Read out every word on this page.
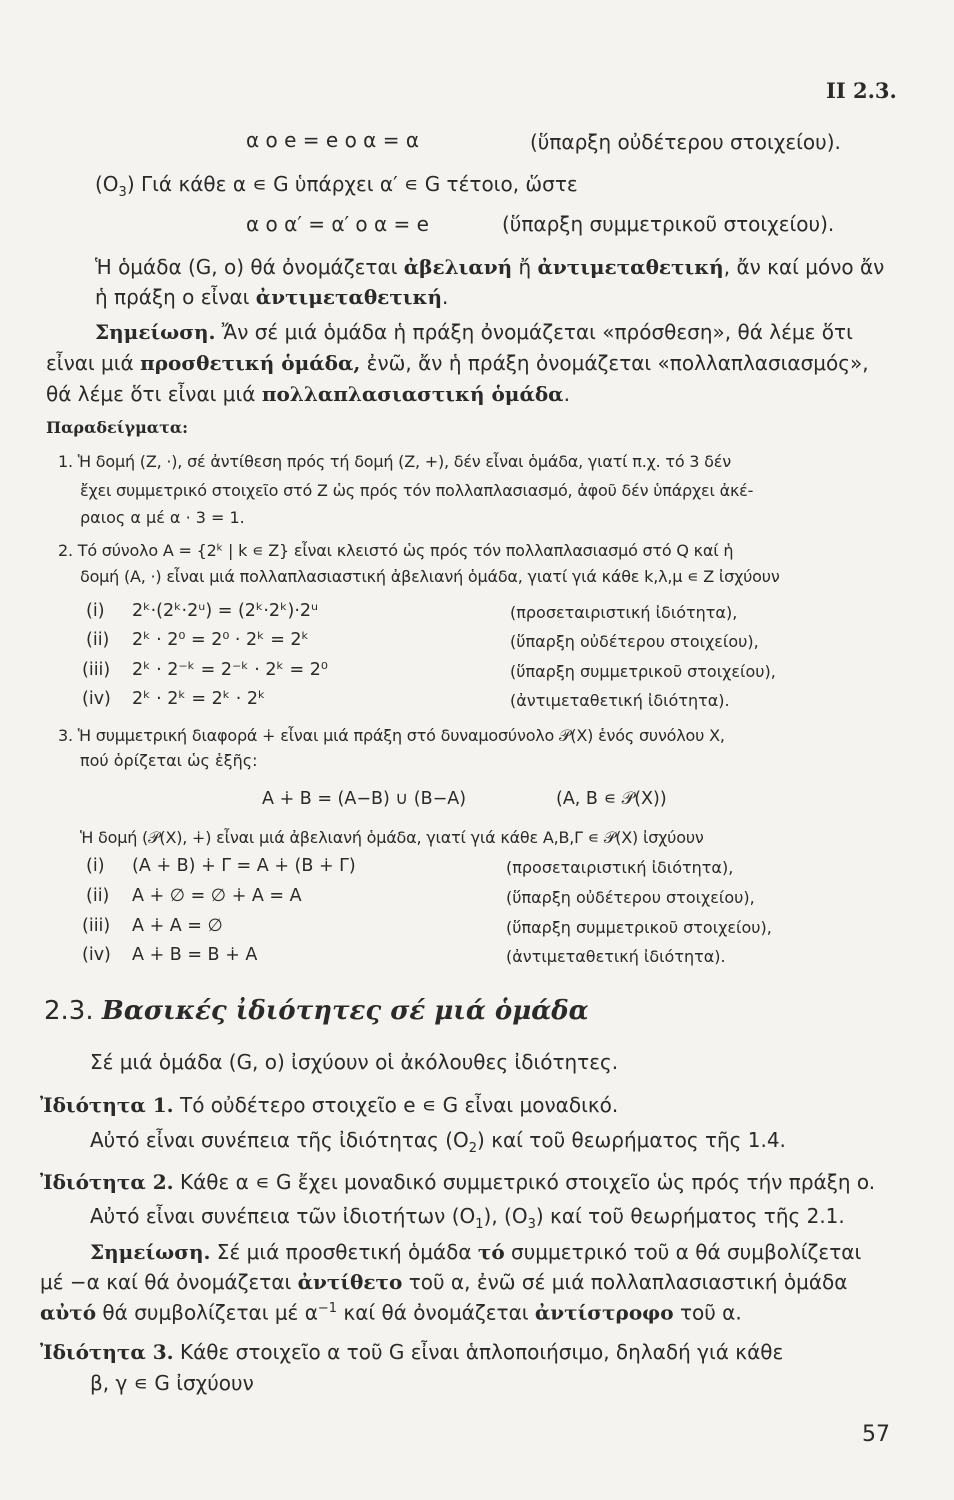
ΙΙ 2.3.
α ο e = e ο α = α	(ὕπαρξη οὐδέτερου στοιχείου).
$(O_3)$ Γιά κάθε α ∊ G ὑπάρχει α′ ∊ G τέτοιο, ὥστε
α ο α′ = α′ ο α = e	(ὕπαρξη συμμετρικοῦ στοιχείου).
Ἡ ὁμάδα (G, o) θά ὀνομάζεται ἀβελιανή ἤ ἀντιμεταθετική, ἄν καί μόνο ἄν
ἡ πράξη o εἶναι ἀντιμεταθετική.
Σημείωση. Ἄν σέ μιά ὁμάδα ἡ πράξη ὀνομάζεται «πρόσθεση», θά λέμε ὅτι
εἶναι μιά προσθετική ὁμάδα, ἐνῶ, ἄν ἡ πράξη ὀνομάζεται «πολλαπλασιασμός»,
θά λέμε ὅτι εἶναι μιά πολλαπλασιαστική ὁμάδα.
Παραδείγματα:
1. Ἡ δομή (Z, ·), σέ ἀντίθεση πρός τή δομή (Z, +), δέν εἶναι ὁμάδα, γιατί π.χ. τό 3 δέν
ἔχει συμμετρικό στοιχεῖο στό Z ὡς πρός τόν πολλαπλασιασμό, ἀφοῦ δέν ὑπάρχει ἀκέ-
ραιος α μέ α · 3 = 1.
2. Τό σύνολο A = {2ᵏ | k ∊ Z} εἶναι κλειστό ὡς πρός τόν πολλαπλασιασμό στό Q καί ἡ
δομή (A, ·) εἶναι μιά πολλαπλασιαστική ἀβελιανή ὁμάδα, γιατί γιά κάθε k,λ,μ ∊ Z ἰσχύουν
(i) 2ᵏ·(2ᵏ·2ᵘ) = (2ᵏ·2ᵏ)·2ᵘ	(προσεταιριστική ἰδιότητα),
(ii) 2ᵏ · 2⁰ = 2⁰ · 2ᵏ = 2ᵏ	(ὕπαρξη οὐδέτερου στοιχείου),
(iii) 2ᵏ · 2⁻ᵏ = 2⁻ᵏ · 2ᵏ = 2⁰	(ὕπαρξη συμμετρικοῦ στοιχείου),
(iv) 2ᵏ · 2ᵏ = 2ᵏ · 2ᵏ	(ἀντιμεταθετική ἰδιότητα).
3. Ἡ συμμετρική διαφορά ∔ εἶναι μιά πράξη στό δυναμοσύνολο 𝒫(X) ἑνός συνόλου X,
πού ὁρίζεται ὡς ἑξῆς:
A ∔ B = (A−B) ∪ (B−A)	(A, B ∊ 𝒫(X))
Ἡ δομή (𝒫(X), ∔) εἶναι μιά ἀβελιανή ὁμάδα, γιατί γιά κάθε A,B,Γ ∊ 𝒫(X) ἰσχύουν
(i) (A ∔ B) ∔ Γ = A ∔ (B ∔ Γ)	(προσεταιριστική ἰδιότητα),
(ii) A ∔ ∅ = ∅ ∔ A = A	(ὕπαρξη οὐδέτερου στοιχείου),
(iii) A ∔ A = ∅	(ὕπαρξη συμμετρικοῦ στοιχείου),
(iv) A ∔ B = B ∔ A	(ἀντιμεταθετική ἰδιότητα).
2.3. Βασικές ἰδιότητες σέ μιά ὁμάδα
Σέ μιά ὁμάδα (G, o) ἰσχύουν οἱ ἀκόλουθες ἰδιότητες.
Ἰδιότητα 1. Τό οὐδέτερο στοιχεῖο e ∊ G εἶναι μοναδικό.
Αὐτό εἶναι συνέπεια τῆς ἰδιότητας $(O_2)$ καί τοῦ θεωρήματος τῆς 1.4.
Ἰδιότητα 2. Κάθε α ∊ G ἔχει μοναδικό συμμετρικό στοιχεῖο ὡς πρός τήν πράξη o.
Αὐτό εἶναι συνέπεια τῶν ἰδιοτήτων $(O_1)$, $(O_3)$ καί τοῦ θεωρήματος τῆς 2.1.
Σημείωση. Σέ μιά προσθετική ὁμάδα τό συμμετρικό τοῦ α θά συμβολίζεται
μέ −α καί θά ὀνομάζεται ἀντίθετο τοῦ α, ἐνῶ σέ μιά πολλαπλασιαστική ὁμάδα
αὐτό θά συμβολίζεται μέ $\alpha^{-1}$ καί θά ὀνομάζεται ἀντίστροφο τοῦ α.
Ἰδιότητα 3. Κάθε στοιχεῖο α τοῦ G εἶναι ἁπλοποιήσιμο, δηλαδή γιά κάθε
β, γ ∊ G ἰσχύουν
57
